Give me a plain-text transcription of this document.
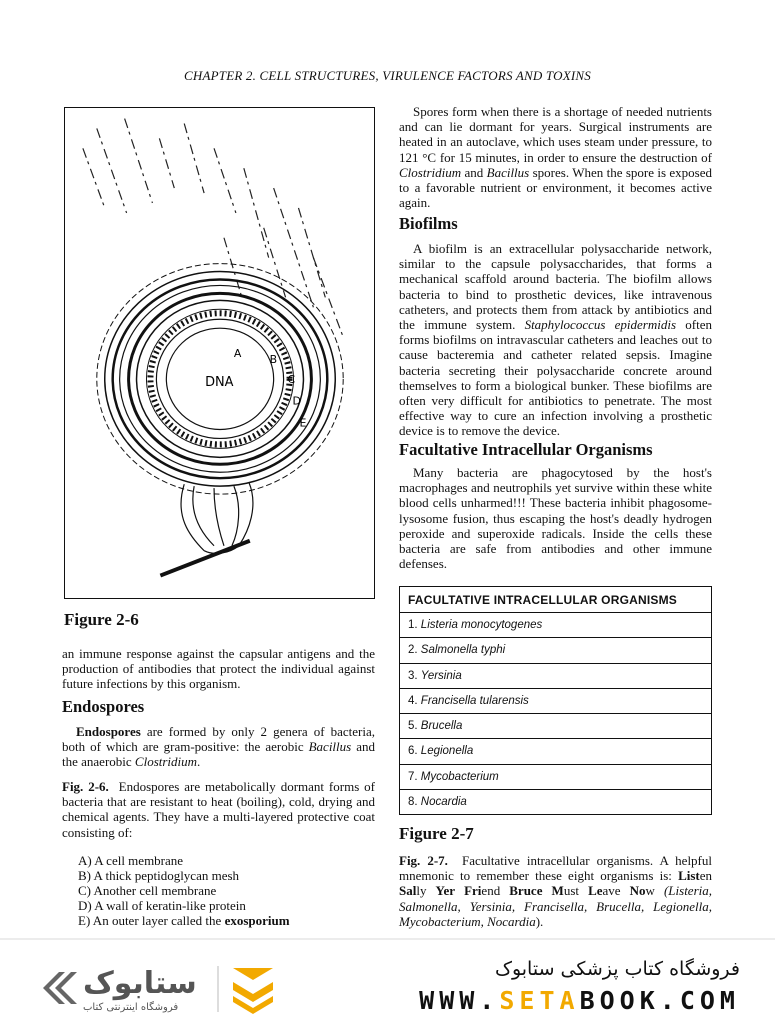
CHAPTER 2. CELL STRUCTURES, VIRULENCE FACTORS AND TOXINS
DNA
A	B
C
D
E
Figure 2-6

an immune response against the capsular antigens and the production of antibodies that protect the individual against future infections by this organism.

Endospores

Endospores are formed by only 2 genera of bacteria, both of which are gram-positive: the aerobic Bacillus and the anaerobic Clostridium.

Fig. 2-6. Endospores are metabolically dormant forms of bacteria that are resistant to heat (boiling), cold, drying and chemical agents. They have a multi-layered protective coat consisting of:

A) A cell membrane
B) A thick peptidoglycan mesh
C) Another cell membrane
D) A wall of keratin-like protein
E) An outer layer called the exosporium

Spores form when there is a shortage of needed nutrients and can lie dormant for years. Surgical instruments are heated in an autoclave, which uses steam under pressure, to 121 °C for 15 minutes, in order to ensure the destruction of Clostridium and Bacillus spores. When the spore is exposed to a favorable nutrient or environment, it becomes active again.

Biofilms

A biofilm is an extracellular polysaccharide network, similar to the capsule polysaccharides, that forms a mechanical scaffold around bacteria. The biofilm allows bacteria to bind to prosthetic devices, like intravenous catheters, and protects them from attack by antibiotics and the immune system. Staphylococcus epidermidis often forms biofilms on intravascular catheters and leaches out to cause bacteremia and catheter related sepsis. Imagine bacteria secreting their polysaccharide concrete around themselves to form a biological bunker. These biofilms are often very difficult for antibiotics to penetrate. The most effective way to cure an infection involving a prosthetic device is to remove the device.

Facultative Intracellular Organisms

Many bacteria are phagocytosed by the host's macrophages and neutrophils yet survive within these white blood cells unharmed!!! These bacteria inhibit phagosome-lysosome fusion, thus escaping the host's deadly hydrogen peroxide and superoxide radicals. Inside the cells these bacteria are safe from antibodies and other immune defenses.

FACULTATIVE INTRACELLULAR ORGANISMS
1. Listeria monocytogenes
2. Salmonella typhi
3. Yersinia
4. Francisella tularensis
5. Brucella
6. Legionella
7. Mycobacterium
8. Nocardia
Figure 2-7

Fig. 2-7. Facultative intracellular organisms. A helpful mnemonic to remember these eight organisms is: Listen Sally Yer Friend Bruce Must Leave Now (Listeria, Salmonella, Yersinia, Francisella, Brucella, Legionella, Mycobacterium, Nocardia).

ستابوک
فروشگاه اینترنتی کتاب
فروشگاه کتاب پزشکی ستابوک
WWW.SETABOOK.COM
